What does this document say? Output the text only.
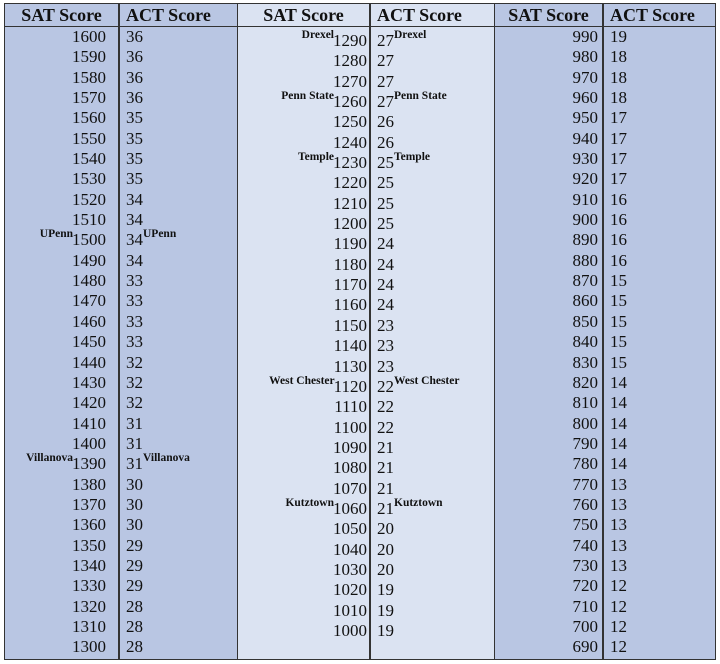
SAT Score
1600
1590
1580
1570
1560
1550
1540
1530
1520
1510
1500
UPenn
1490
1480
1470
1460
1450
1440
1430
1420
1410
1400
1390
Villanova
1380
1370
1360
1350
1340
1330
1320
1310
1300
ACT Score
36
36
36
36
35
35
35
35
34
34
34 UPenn
34
33
33
33
33
32
32
32
31
31
31 Villanova
30
30
30
29
29
29
28
28
28
SAT Score
1290
Drexel
1280
1270
1260
Penn State
1250
1240
1230
Temple
1220
1210
1200
1190
1180
1170
1160
1150
1140
1130
1120
West Chester
1110
1100
1090
1080
1070
1060
Kutztown
1050
1040
1030
1020
1010
1000
ACT Score
27 Drexel
27
27
27 Penn State
26
26
25 Temple
25
25
25
24
24
24
24
23
23
23
22 West Chester
22
22
21
21
21
21 Kutztown
20
20
20
19
19
19
SAT Score
990
980
970
960
950
940
930
920
910
900
890
880
870
860
850
840
830
820
810
800
790
780
770
760
750
740
730
720
710
700
690
ACT Score
19
18
18
18
17
17
17
17
16
16
16
16
15
15
15
15
15
14
14
14
14
14
13
13
13
13
13
12
12
12
12
